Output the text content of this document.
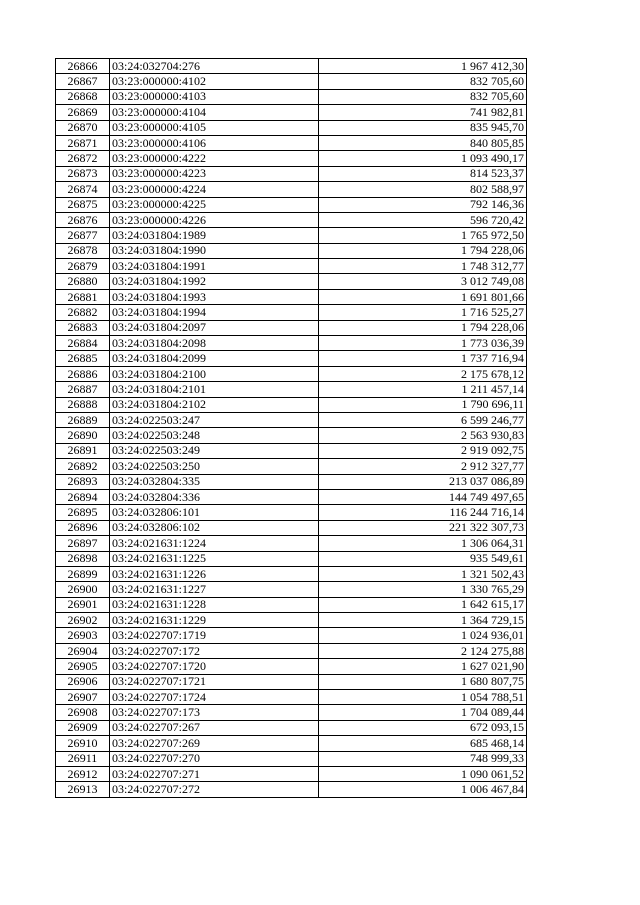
26866	03:24:032704:276	1 967 412,30
26867	03:23:000000:4102	832 705,60
26868	03:23:000000:4103	832 705,60
26869	03:23:000000:4104	741 982,81
26870	03:23:000000:4105	835 945,70
26871	03:23:000000:4106	840 805,85
26872	03:23:000000:4222	1 093 490,17
26873	03:23:000000:4223	814 523,37
26874	03:23:000000:4224	802 588,97
26875	03:23:000000:4225	792 146,36
26876	03:23:000000:4226	596 720,42
26877	03:24:031804:1989	1 765 972,50
26878	03:24:031804:1990	1 794 228,06
26879	03:24:031804:1991	1 748 312,77
26880	03:24:031804:1992	3 012 749,08
26881	03:24:031804:1993	1 691 801,66
26882	03:24:031804:1994	1 716 525,27
26883	03:24:031804:2097	1 794 228,06
26884	03:24:031804:2098	1 773 036,39
26885	03:24:031804:2099	1 737 716,94
26886	03:24:031804:2100	2 175 678,12
26887	03:24:031804:2101	1 211 457,14
26888	03:24:031804:2102	1 790 696,11
26889	03:24:022503:247	6 599 246,77
26890	03:24:022503:248	2 563 930,83
26891	03:24:022503:249	2 919 092,75
26892	03:24:022503:250	2 912 327,77
26893	03:24:032804:335	213 037 086,89
26894	03:24:032804:336	144 749 497,65
26895	03:24:032806:101	116 244 716,14
26896	03:24:032806:102	221 322 307,73
26897	03:24:021631:1224	1 306 064,31
26898	03:24:021631:1225	935 549,61
26899	03:24:021631:1226	1 321 502,43
26900	03:24:021631:1227	1 330 765,29
26901	03:24:021631:1228	1 642 615,17
26902	03:24:021631:1229	1 364 729,15
26903	03:24:022707:1719	1 024 936,01
26904	03:24:022707:172	2 124 275,88
26905	03:24:022707:1720	1 627 021,90
26906	03:24:022707:1721	1 680 807,75
26907	03:24:022707:1724	1 054 788,51
26908	03:24:022707:173	1 704 089,44
26909	03:24:022707:267	672 093,15
26910	03:24:022707:269	685 468,14
26911	03:24:022707:270	748 999,33
26912	03:24:022707:271	1 090 061,52
26913	03:24:022707:272	1 006 467,84
